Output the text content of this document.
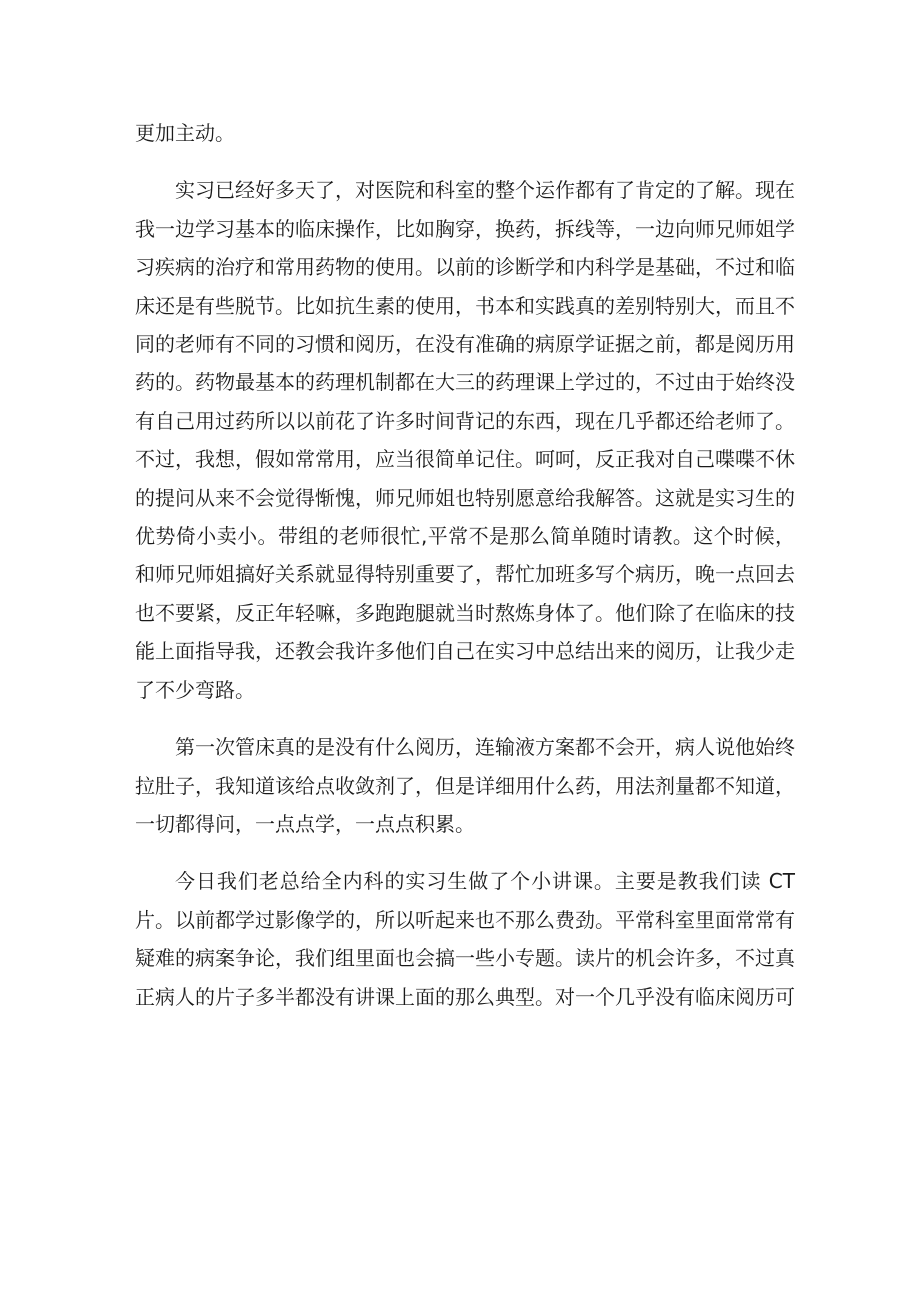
更加主动。

实习已经好多天了，对医院和科室的整个运作都有了肯定的了解。现在我一边学习基本的临床操作，比如胸穿，换药，拆线等，一边向师兄师姐学习疾病的治疗和常用药物的使用。以前的诊断学和内科学是基础，不过和临床还是有些脱节。比如抗生素的使用，书本和实践真的差别特别大，而且不同的老师有不同的习惯和阅历，在没有准确的病原学证据之前，都是阅历用药的。药物最基本的药理机制都在大三的药理课上学过的，不过由于始终没有自己用过药所以以前花了许多时间背记的东西，现在几乎都还给老师了。不过，我想，假如常常用，应当很简单记住。呵呵，反正我对自己喋喋不休的提问从来不会觉得惭愧，师兄师姐也特别愿意给我解答。这就是实习生的优势倚小卖小。带组的老师很忙,平常不是那么简单随时请教。这个时候，和师兄师姐搞好关系就显得特别重要了，帮忙加班多写个病历，晚一点回去也不要紧，反正年轻嘛，多跑跑腿就当时熬炼身体了。他们除了在临床的技能上面指导我，还教会我许多他们自己在实习中总结出来的阅历，让我少走了不少弯路。

第一次管床真的是没有什么阅历，连输液方案都不会开，病人说他始终拉肚子，我知道该给点收敛剂了，但是详细用什么药，用法剂量都不知道，一切都得问，一点点学，一点点积累。

今日我们老总给全内科的实习生做了个小讲课。主要是教我们读 CT 片。以前都学过影像学的，所以听起来也不那么费劲。平常科室里面常常有疑难的病案争论，我们组里面也会搞一些小专题。读片的机会许多，不过真正病人的片子多半都没有讲课上面的那么典型。对一个几乎没有临床阅历可
